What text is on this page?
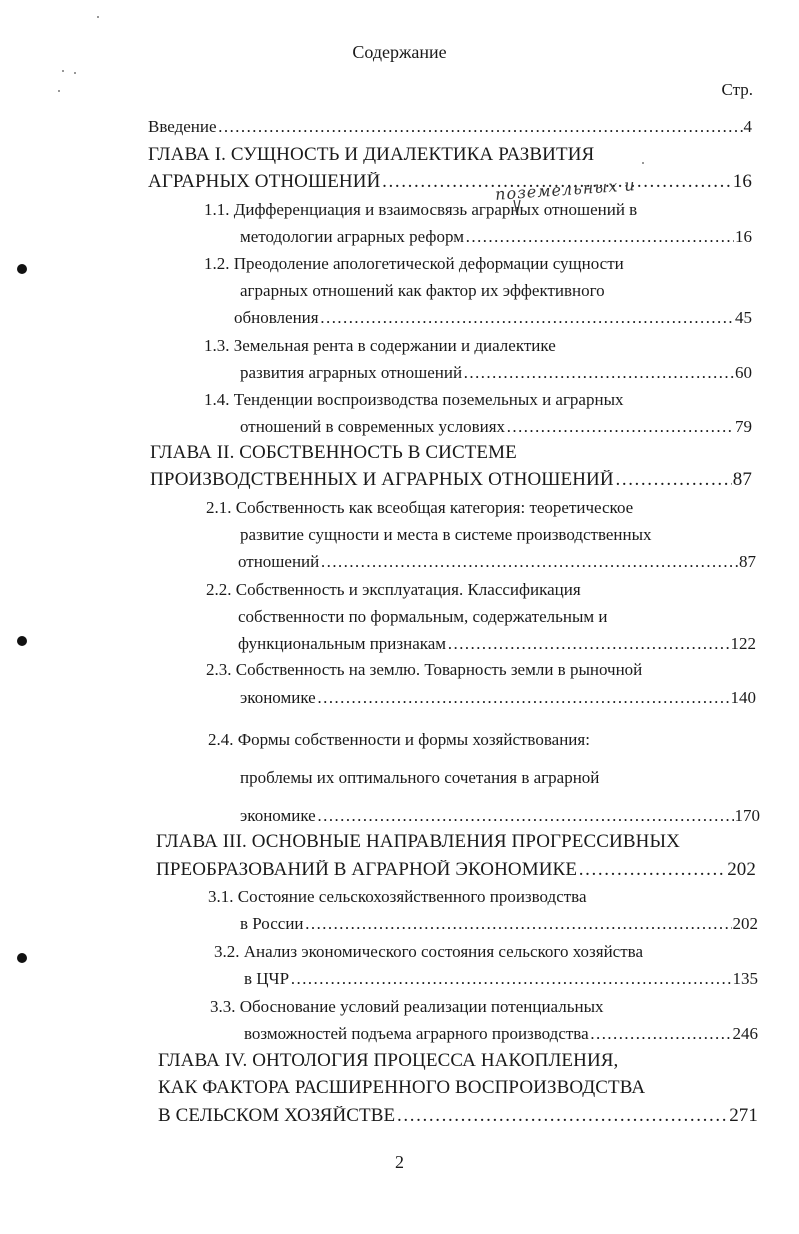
Содержание
Стр.
Введение …………………………………………………………………………………………………………………………………………………………………………………	4
ГЛАВА I. СУЩНОСТЬ И ДИАЛЕКТИКА РАЗВИТИЯ
АГРАРНЫХ ОТНОШЕНИЙ …………………………………………………………………………………………………………………………………………………………………………………	16
1.1. Дифференциация и взаимосвязь аграрных отношений в
методологии аграрных реформ …………………………………………………………………………………………………………………………………………………………………………………	16
1.2. Преодоление апологетической деформации сущности
аграрных отношений как фактор их эффективного
обновления …………………………………………………………………………………………………………………………………………………………………………………	45
1.3. Земельная рента в содержании и диалектике
развития аграрных отношений …………………………………………………………………………………………………………………………………………………………………………………	60
1.4. Тенденции воспроизводства поземельных и аграрных
отношений в современных условиях …………………………………………………………………………………………………………………………………………………………………………………	79
ГЛАВА II. СОБСТВЕННОСТЬ В СИСТЕМЕ
ПРОИЗВОДСТВЕННЫХ И АГРАРНЫХ ОТНОШЕНИЙ …………………………………………………………………………………………………………………………………………………………………………………	87
2.1. Собственность как всеобщая категория: теоретическое
развитие сущности и места в системе производственных
отношений …………………………………………………………………………………………………………………………………………………………………………………	87
2.2. Собственность и эксплуатация. Классификация
собственности по формальным, содержательным и
функциональным признакам …………………………………………………………………………………………………………………………………………………………………………………	122
2.3. Собственность на землю. Товарность земли в рыночной
экономике …………………………………………………………………………………………………………………………………………………………………………………	140
2.4. Формы собственности и формы хозяйствования:
проблемы их оптимального сочетания в аграрной
экономике …………………………………………………………………………………………………………………………………………………………………………………	170
ГЛАВА III. ОСНОВНЫЕ НАПРАВЛЕНИЯ ПРОГРЕССИВНЫХ
ПРЕОБРАЗОВАНИЙ В АГРАРНОЙ ЭКОНОМИКЕ …………………………………………………………………………………………………………………………………………………………………………………	202
3.1. Состояние сельскохозяйственного производства
в России …………………………………………………………………………………………………………………………………………………………………………………	202
3.2. Анализ экономического состояния сельского хозяйства
в ЦЧР …………………………………………………………………………………………………………………………………………………………………………………	135
3.3. Обоснование условий реализации потенциальных
возможностей подъема аграрного производства …………………………………………………………………………………………………………………………………………………………………………………	246
ГЛАВА IV. ОНТОЛОГИЯ ПРОЦЕССА НАКОПЛЕНИЯ,
КАК ФАКТОРА РАСШИРЕННОГО ВОСПРОИЗВОДСТВА
В СЕЛЬСКОМ ХОЗЯЙСТВЕ …………………………………………………………………………………………………………………………………………………………………………………	271
поземельных и
2
